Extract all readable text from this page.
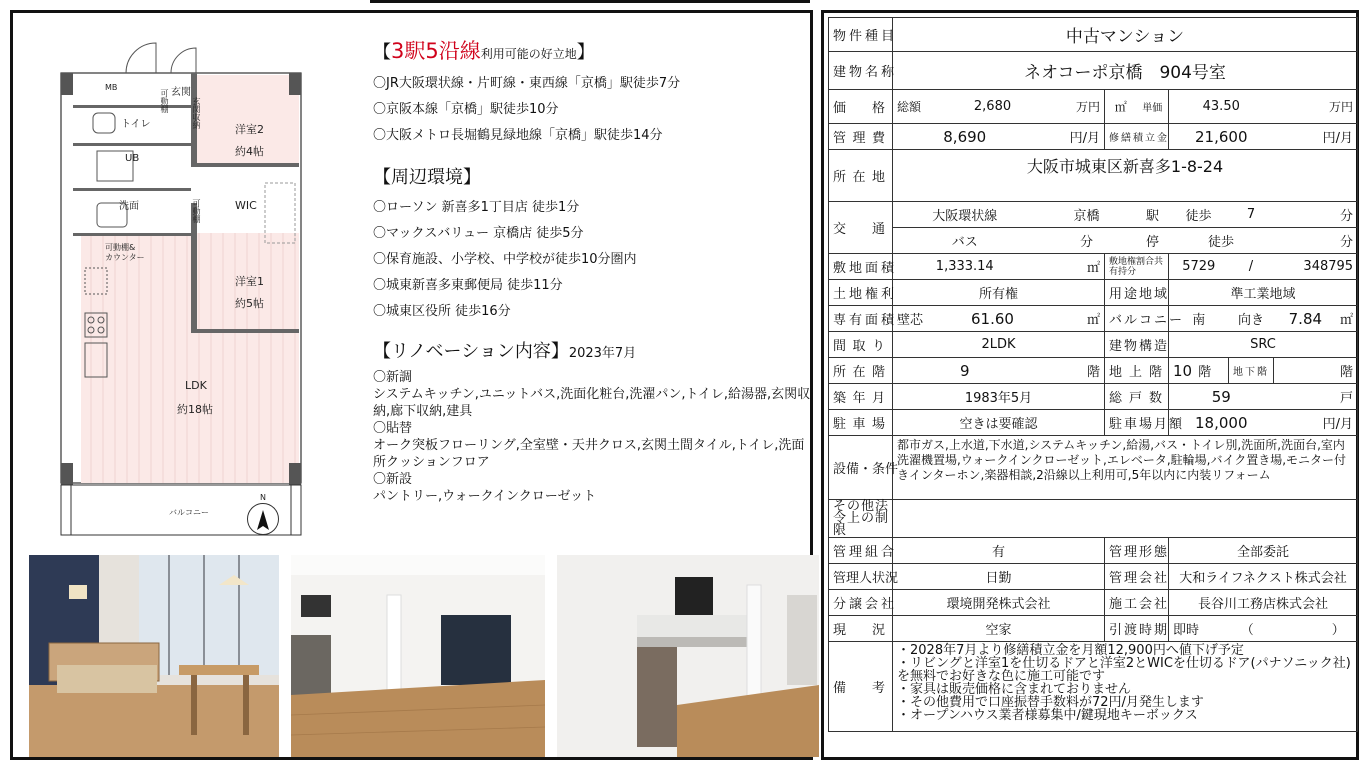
MB	玄関
可動棚	玄関収納
トイレ
UB
洗面	可動棚
可動棚&
カウンター
洋室2
約4帖
WIC
洋室1
約5帖
LDK
約18帖
バルコニー
N
【3駅5沿線利用可能の好立地】
〇JR大阪環状線・片町線・東西線「京橋」駅徒歩7分
〇京阪本線「京橋」駅徒歩10分
〇大阪メトロ長堀鶴見緑地線「京橋」駅徒歩14分
【周辺環境】
〇ローソン 新喜多1丁目店 徒歩1分
〇マックスバリュー 京橋店 徒歩5分
〇保育施設、小学校、中学校が徒歩10分圏内
〇城東新喜多東郵便局 徒歩11分
〇城東区役所 徒歩16分
【リノベーション内容】2023年7月
〇新調
システムキッチン,ユニットバス,洗面化粧台,洗濯パン,トイレ,給湯器,玄関収納,廊下収納,建具
〇貼替
オーク突板フローリング,全室壁・天井クロス,玄関土間タイル,トイレ,洗面所クッションフロア
〇新設
パントリー,ウォークインクローゼット
物件種目	中古マンション							
建物名称	ネオコーポ京橋　904号室							
価格	総額	2,680	万円	㎡	単価	43.50		万円
管理費	8,690		円/月	修繕積立金		21,600		円/月
所在地	大阪市城東区新喜多1-8-24							
交通	大阪環状線		京橋		駅	徒歩	7	分
	バス		分		停	徒歩		分
敷地面積	1,333.14		㎡	敷地権割合共有持分		5729	/	348795
土地権利	所有権			用途地域		準工業地域		
専有面積	壁芯	61.60	㎡	バルコニー		南	向き	7.84 ㎡
間取り	2LDK			建物構造		SRC		
所在階	9		階	地上階		10 階	地下階	階
築年月	1983年5月			総戸数		59		戸
駐車場	空きは要確認			駐車場月額		18,000		円/月
設備・条件	都市ガス,上水道,下水道,システムキッチン,給湯,バス・トイレ別,洗面所,洗面台,室内洗濯機置場,ウォークインクローゼット,エレベータ,駐輪場,バイク置き場,モニター付きインターホン,楽器相談,2沿線以上利用可,5年以内に内装リフォーム							
その他法令上の制限								
管理組合	有			管理形態		全部委託		
管理人状況	日勤			管理会社		大和ライフネクスト株式会社		
分譲会社	環境開発株式会社			施工会社		長谷川工務店株式会社		
現況	空家			引渡時期		即時	（　　　　　　）	
備考	・2028年7月より修繕積立金を月額12,900円へ値下げ予定
・リビングと洋室1を仕切るドアと洋室2とWICを仕切るドア(パナソニック社)を無料でお好きな色に施工可能です
・家具は販売価格に含まれておりません
・その他費用で口座振替手数料が72円/月発生します
・オープンハウス業者様募集中/鍵現地キーボックス							
